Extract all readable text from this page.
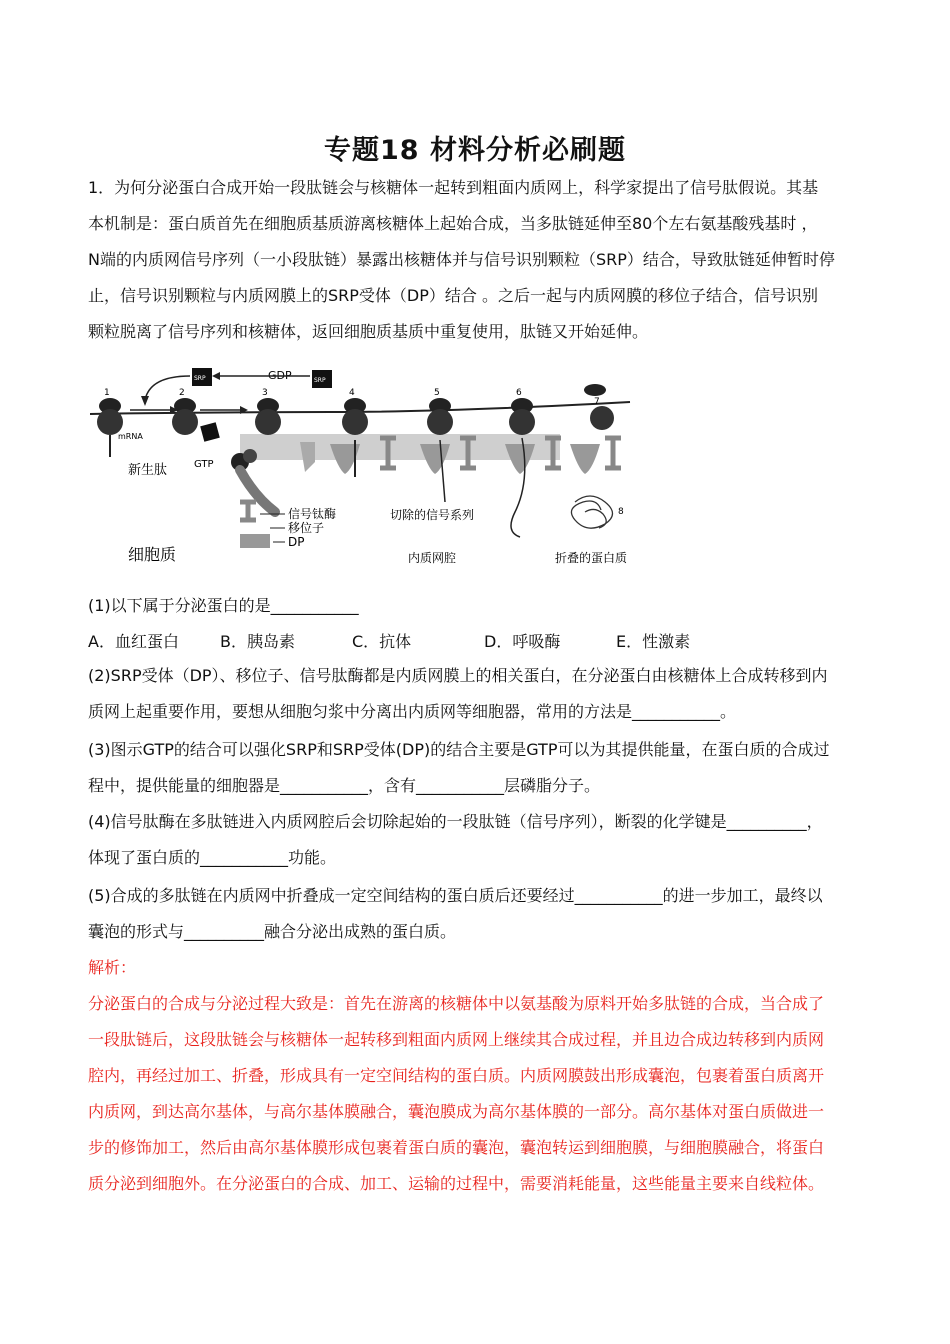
专题18 材料分析必刷题
1．为何分泌蛋白合成开始一段肽链会与核糖体一起转到粗面内质网上，科学家提出了信号肽假说。其基
本机制是：蛋白质首先在细胞质基质游离核糖体上起始合成，当多肽链延伸至80个左右氨基酸残基时 ，
N端的内质网信号序列（一小段肽链）暴露出核糖体并与信号识别颗粒（SRP）结合，导致肽链延伸暂时停
止，信号识别颗粒与内质网膜上的SRP受体（DP）结合 。之后一起与内质网膜的移位子结合，信号识别
颗粒脱离了信号序列和核糖体，返回细胞质基质中重复使用，肽链又开始延伸。
GDP
SRP	SRP
1	2	3	4	5	6
7
8
mRNA
新生肽	GTP
信号钛酶
移位子
DP
切除的信号系列
细胞质	内质网腔	折叠的蛋白质
(1)以下属于分泌蛋白的是___________
A．血红蛋白	B．胰岛素	C．抗体	D．呼吸酶	E．性激素
(2)SRP受体（DP）、移位子、信号肽酶都是内质网膜上的相关蛋白，在分泌蛋白由核糖体上合成转移到内
质网上起重要作用，要想从细胞匀浆中分离出内质网等细胞器，常用的方法是___________。
(3)图示GTP的结合可以强化SRP和SRP受体(DP)的结合主要是GTP可以为其提供能量，在蛋白质的合成过
程中，提供能量的细胞器是___________，含有___________层磷脂分子。
(4)信号肽酶在多肽链进入内质网腔后会切除起始的一段肽链（信号序列），断裂的化学键是__________，
体现了蛋白质的___________功能。
(5)合成的多肽链在内质网中折叠成一定空间结构的蛋白质后还要经过___________的进一步加工，最终以
囊泡的形式与__________融合分泌出成熟的蛋白质。
解析：
分泌蛋白的合成与分泌过程大致是：首先在游离的核糖体中以氨基酸为原料开始多肽链的合成，当合成了
一段肽链后，这段肽链会与核糖体一起转移到粗面内质网上继续其合成过程，并且边合成边转移到内质网
腔内，再经过加工、折叠，形成具有一定空间结构的蛋白质。内质网膜鼓出形成囊泡，包裹着蛋白质离开
内质网，到达高尔基体，与高尔基体膜融合，囊泡膜成为高尔基体膜的一部分。高尔基体对蛋白质做进一
步的修饰加工，然后由高尔基体膜形成包裹着蛋白质的囊泡，囊泡转运到细胞膜，与细胞膜融合，将蛋白
质分泌到细胞外。在分泌蛋白的合成、加工、运输的过程中，需要消耗能量，这些能量主要来自线粒体。
